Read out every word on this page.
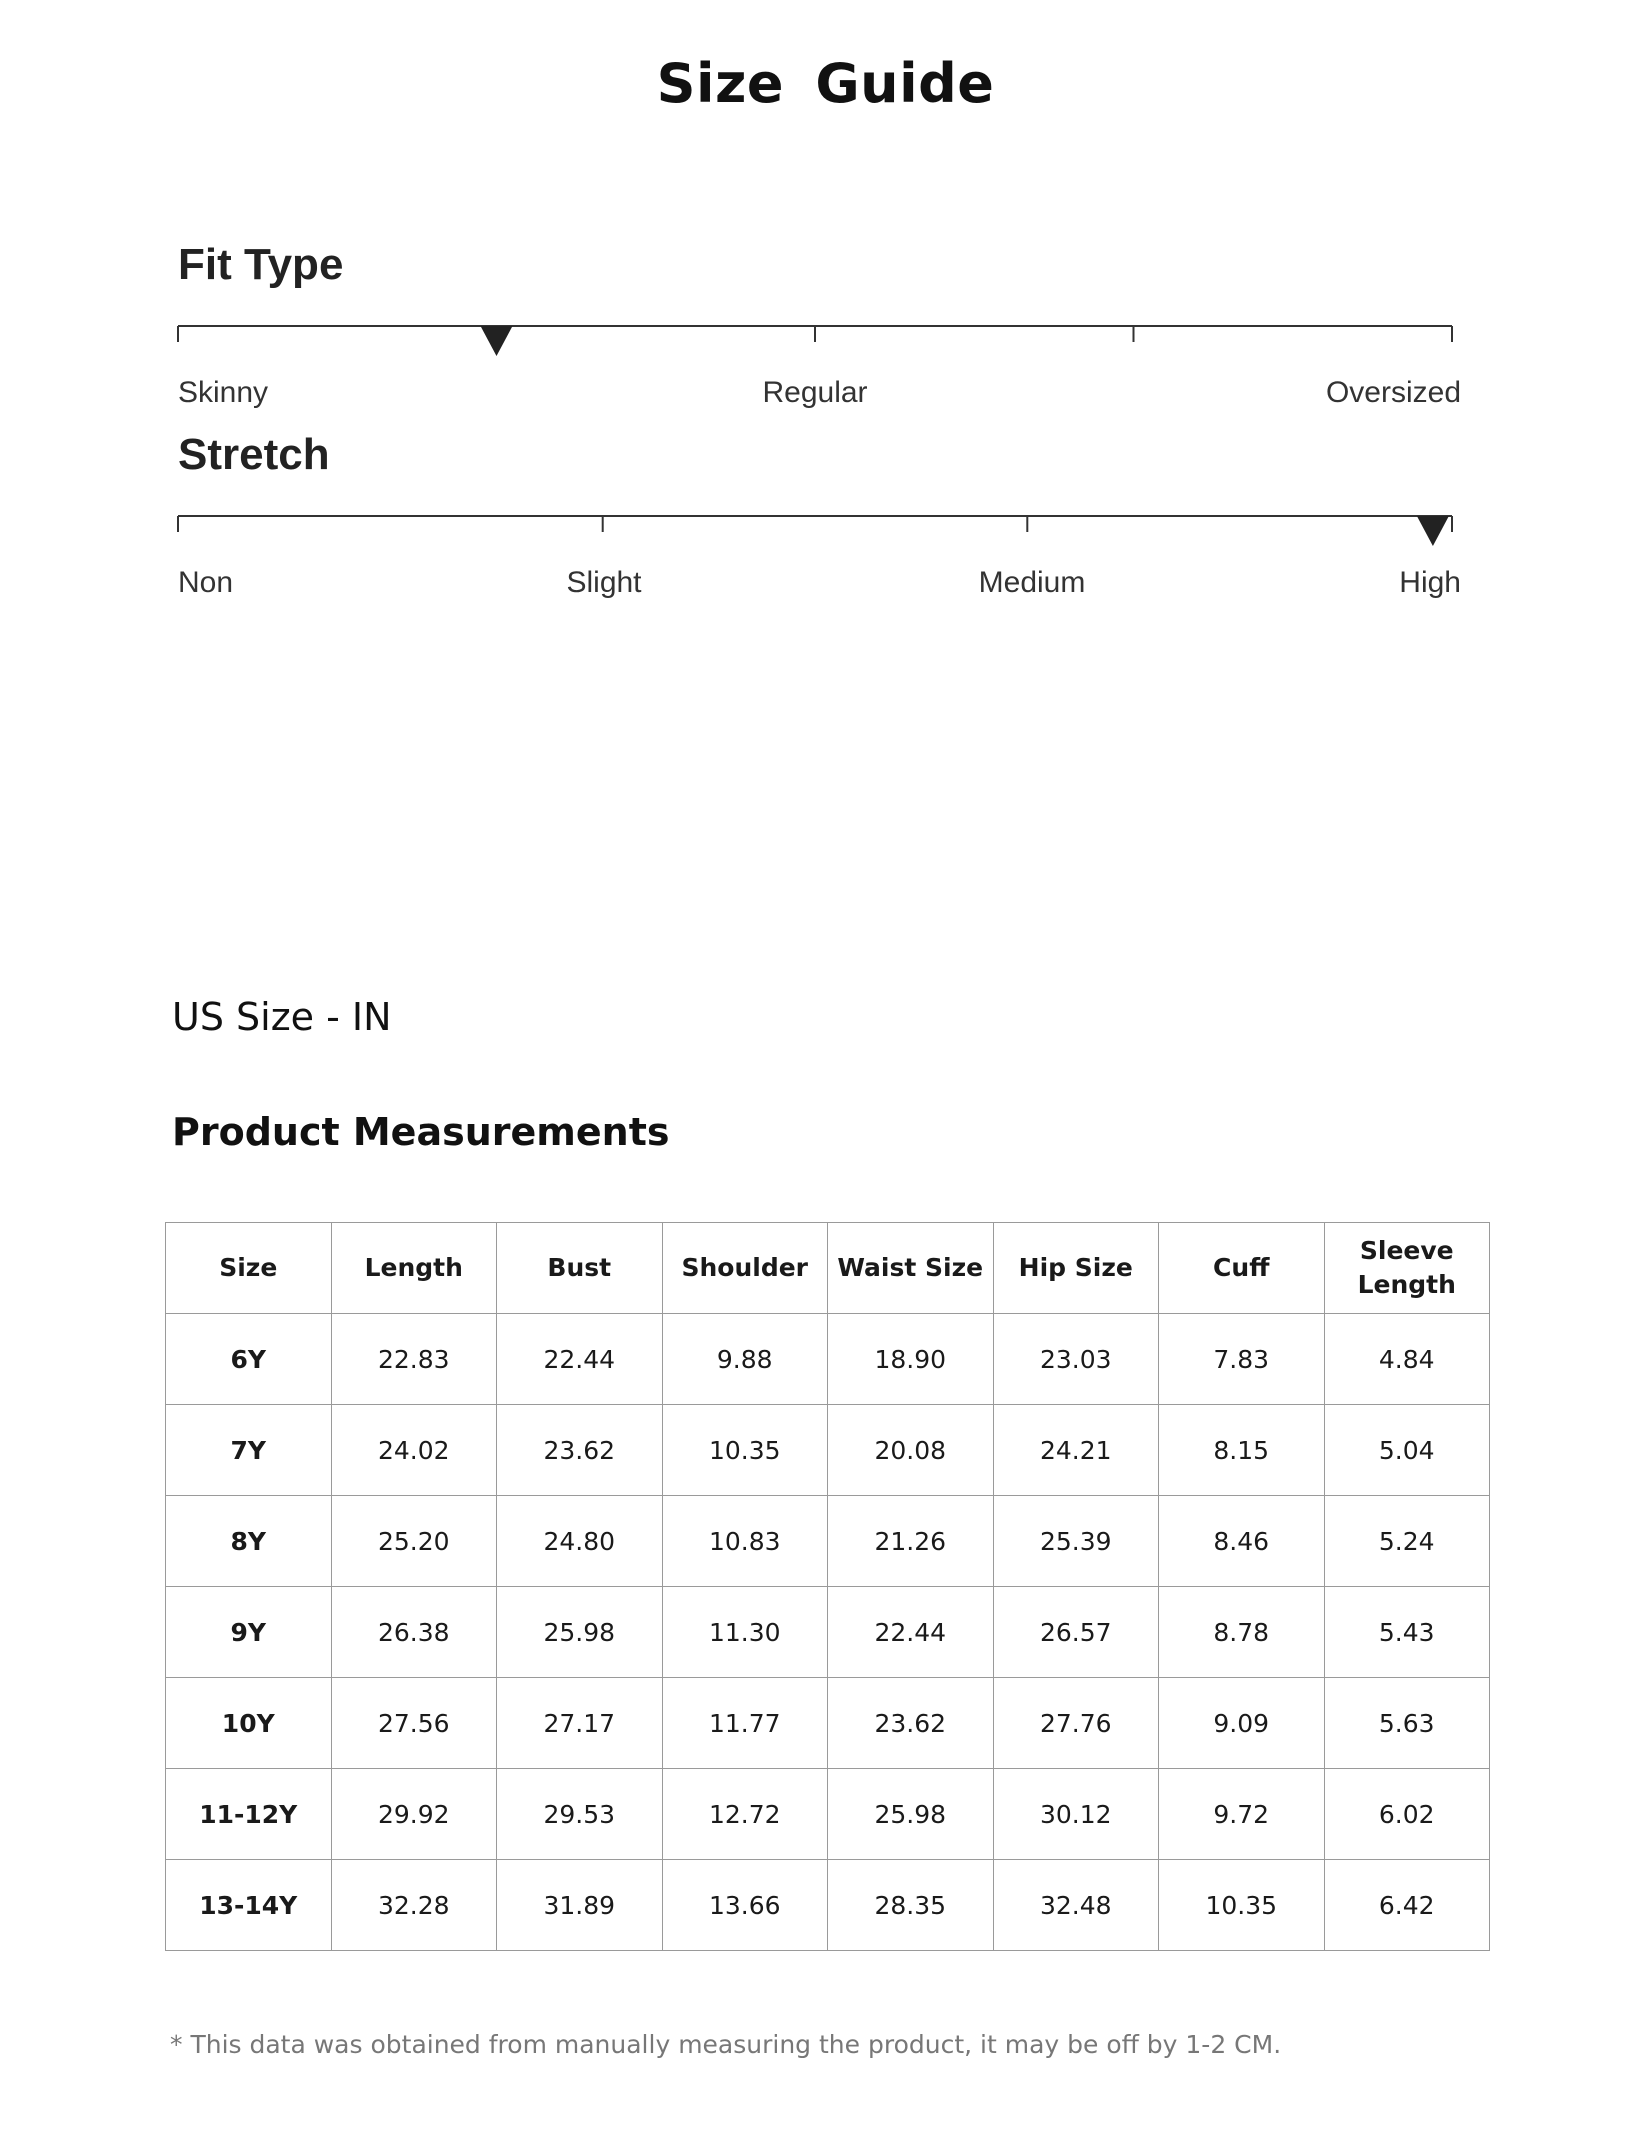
Size Guide
Fit Type
Skinny	Regular	Oversized
Stretch
Non	Slight	Medium	High
US Size - IN
Product Measurements
Size	Length	Bust	Shoulder	Waist Size	Hip Size	Cuff	Sleeve Length
6Y	22.83	22.44	9.88	18.90	23.03	7.83	4.84
7Y	24.02	23.62	10.35	20.08	24.21	8.15	5.04
8Y	25.20	24.80	10.83	21.26	25.39	8.46	5.24
9Y	26.38	25.98	11.30	22.44	26.57	8.78	5.43
10Y	27.56	27.17	11.77	23.62	27.76	9.09	5.63
11-12Y	29.92	29.53	12.72	25.98	30.12	9.72	6.02
13-14Y	32.28	31.89	13.66	28.35	32.48	10.35	6.42

* This data was obtained from manually measuring the product, it may be off by 1-2 CM.
